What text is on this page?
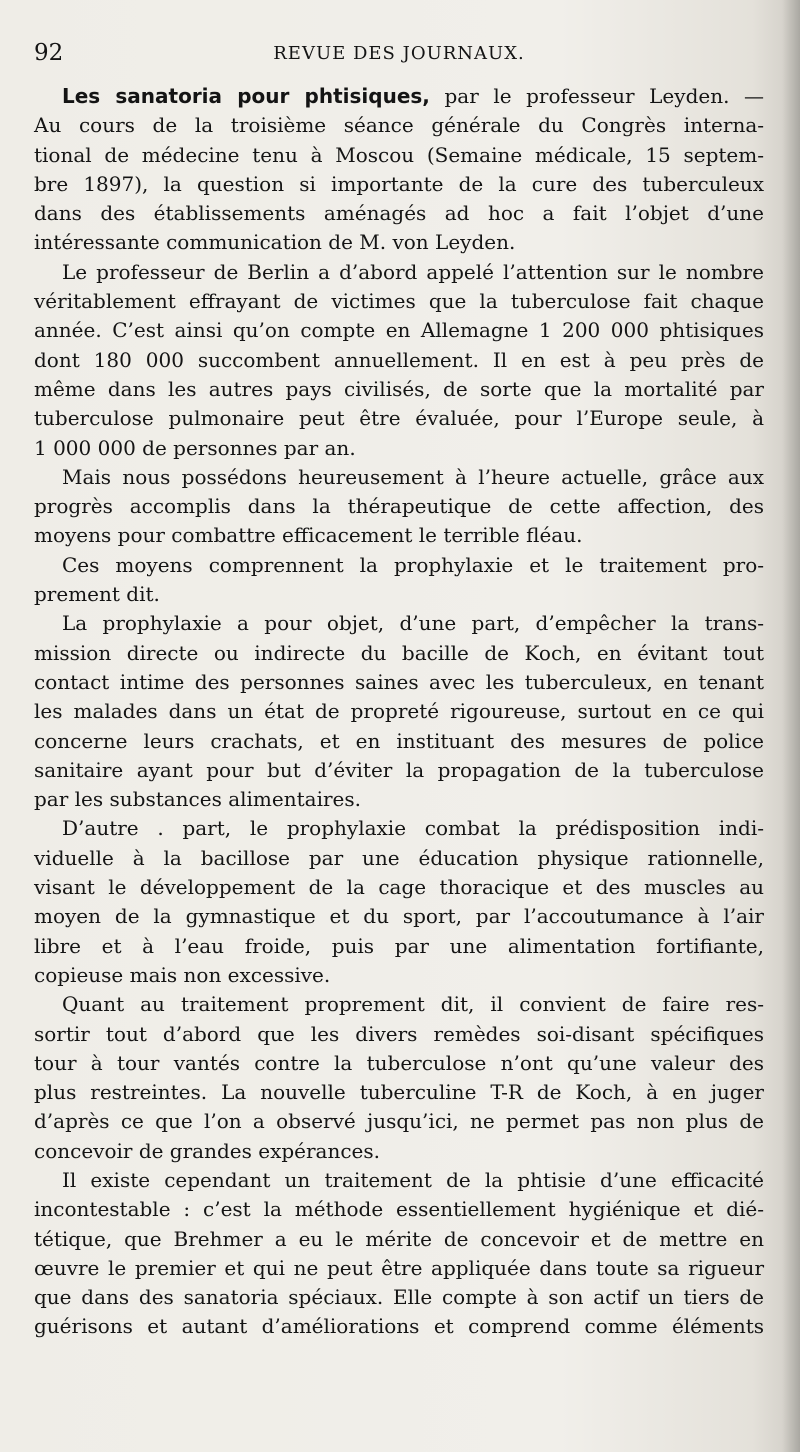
92	REVUE DES JOURNAUX.
Les sanatoria pour phtisiques, par le professeur Leyden. —
Au cours de la troisième séance générale du Congrès interna-
tional de médecine tenu à Moscou (Semaine médicale, 15 septem-
bre 1897), la question si importante de la cure des tuberculeux
dans des établissements aménagés ad hoc a fait l’objet d’une
intéressante communication de M. von Leyden.
Le professeur de Berlin a d’abord appelé l’attention sur le nombre
véritablement effrayant de victimes que la tuberculose fait chaque
année. C’est ainsi qu’on compte en Allemagne 1 200 000 phtisiques
dont 180 000 succombent annuellement. Il en est à peu près de
même dans les autres pays civilisés, de sorte que la mortalité par
tuberculose pulmonaire peut être évaluée, pour l’Europe seule, à
1 000 000 de personnes par an.
Mais nous possédons heureusement à l’heure actuelle, grâce aux
progrès accomplis dans la thérapeutique de cette affection, des
moyens pour combattre efficacement le terrible fléau.
Ces moyens comprennent la prophylaxie et le traitement pro-
prement dit.
La prophylaxie a pour objet, d’une part, d’empêcher la trans-
mission directe ou indirecte du bacille de Koch, en évitant tout
contact intime des personnes saines avec les tuberculeux, en tenant
les malades dans un état de propreté rigoureuse, surtout en ce qui
concerne leurs crachats, et en instituant des mesures de police
sanitaire ayant pour but d’éviter la propagation de la tuberculose
par les substances alimentaires.
D’autre . part, le prophylaxie combat la prédisposition indi-
viduelle à la bacillose par une éducation physique rationnelle,
visant le développement de la cage thoracique et des muscles au
moyen de la gymnastique et du sport, par l’accoutumance à l’air
libre et à l’eau froide, puis par une alimentation fortifiante,
copieuse mais non excessive.
Quant au traitement proprement dit, il convient de faire res-
sortir tout d’abord que les divers remèdes soi-disant spécifiques
tour à tour vantés contre la tuberculose n’ont qu’une valeur des
plus restreintes. La nouvelle tuberculine T-R de Koch, à en juger
d’après ce que l’on a observé jusqu’ici, ne permet pas non plus de
concevoir de grandes expérances.
Il existe cependant un traitement de la phtisie d’une efficacité
incontestable : c’est la méthode essentiellement hygiénique et dié-
tétique, que Brehmer a eu le mérite de concevoir et de mettre en
œuvre le premier et qui ne peut être appliquée dans toute sa rigueur
que dans des sanatoria spéciaux. Elle compte à son actif un tiers de
guérisons et autant d’améliorations et comprend comme éléments
